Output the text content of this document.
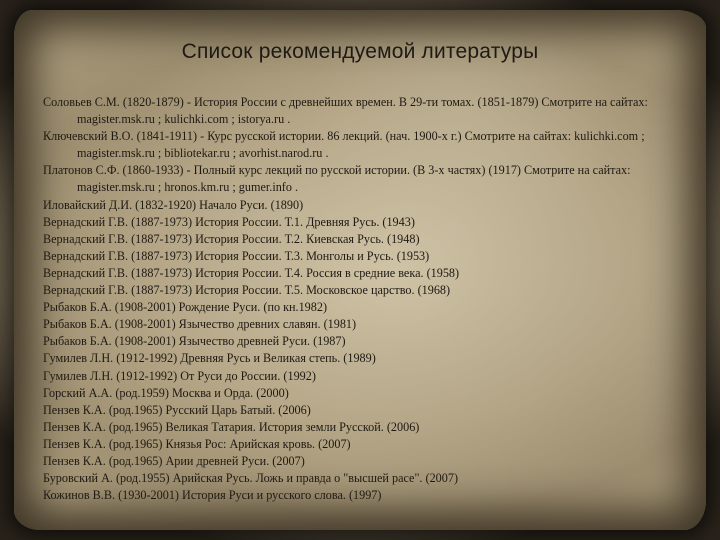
Список рекомендуемой литературы
Соловьев С.М. (1820-1879) - История России с древнейших времен. В 29-ти томах. (1851-1879) Смотрите на сайтах: magister.msk.ru ; kulichki.com ; istorya.ru .
Ключевский В.О. (1841-1911) - Курс русской истории. 86 лекций. (нач. 1900-х г.) Смотрите на сайтах: kulichki.com ; magister.msk.ru ; bibliotekar.ru ; avorhist.narod.ru .
Платонов С.Ф. (1860-1933) - Полный курс лекций по русской истории. (В 3-х частях) (1917) Смотрите на сайтах: magister.msk.ru ; hronos.km.ru ; gumer.info .
Иловайский Д.И. (1832-1920) Начало Руси. (1890)
Вернадский Г.В. (1887-1973) История России. Т.1. Древняя Русь. (1943)
Вернадский Г.В. (1887-1973) История России. Т.2. Киевская Русь. (1948)
Вернадский Г.В. (1887-1973) История России. Т.3. Монголы и Русь. (1953)
Вернадский Г.В. (1887-1973) История России. Т.4. Россия в средние века. (1958)
Вернадский Г.В. (1887-1973) История России. Т.5. Московское царство. (1968)
Рыбаков Б.А. (1908-2001) Рождение Руси. (по кн.1982)
Рыбаков Б.А. (1908-2001) Язычество древних славян. (1981)
Рыбаков Б.А. (1908-2001) Язычество древней Руси. (1987)
Гумилев Л.Н. (1912-1992) Древняя Русь и Великая степь. (1989)
Гумилев Л.Н. (1912-1992) От Руси до России. (1992)
Горский А.А. (род.1959) Москва и Орда. (2000)
Пензев К.А. (род.1965) Русский Царь Батый. (2006)
Пензев К.А. (род.1965) Великая Татария. История земли Русской. (2006)
Пензев К.А. (род.1965) Князья Рос: Арийская кровь. (2007)
Пензев К.А. (род.1965) Арии древней Руси. (2007)
Буровский А. (род.1955) Арийская Русь. Ложь и правда о "высшей расе". (2007)
Кожинов В.В. (1930-2001) История Руси и русского слова. (1997)
